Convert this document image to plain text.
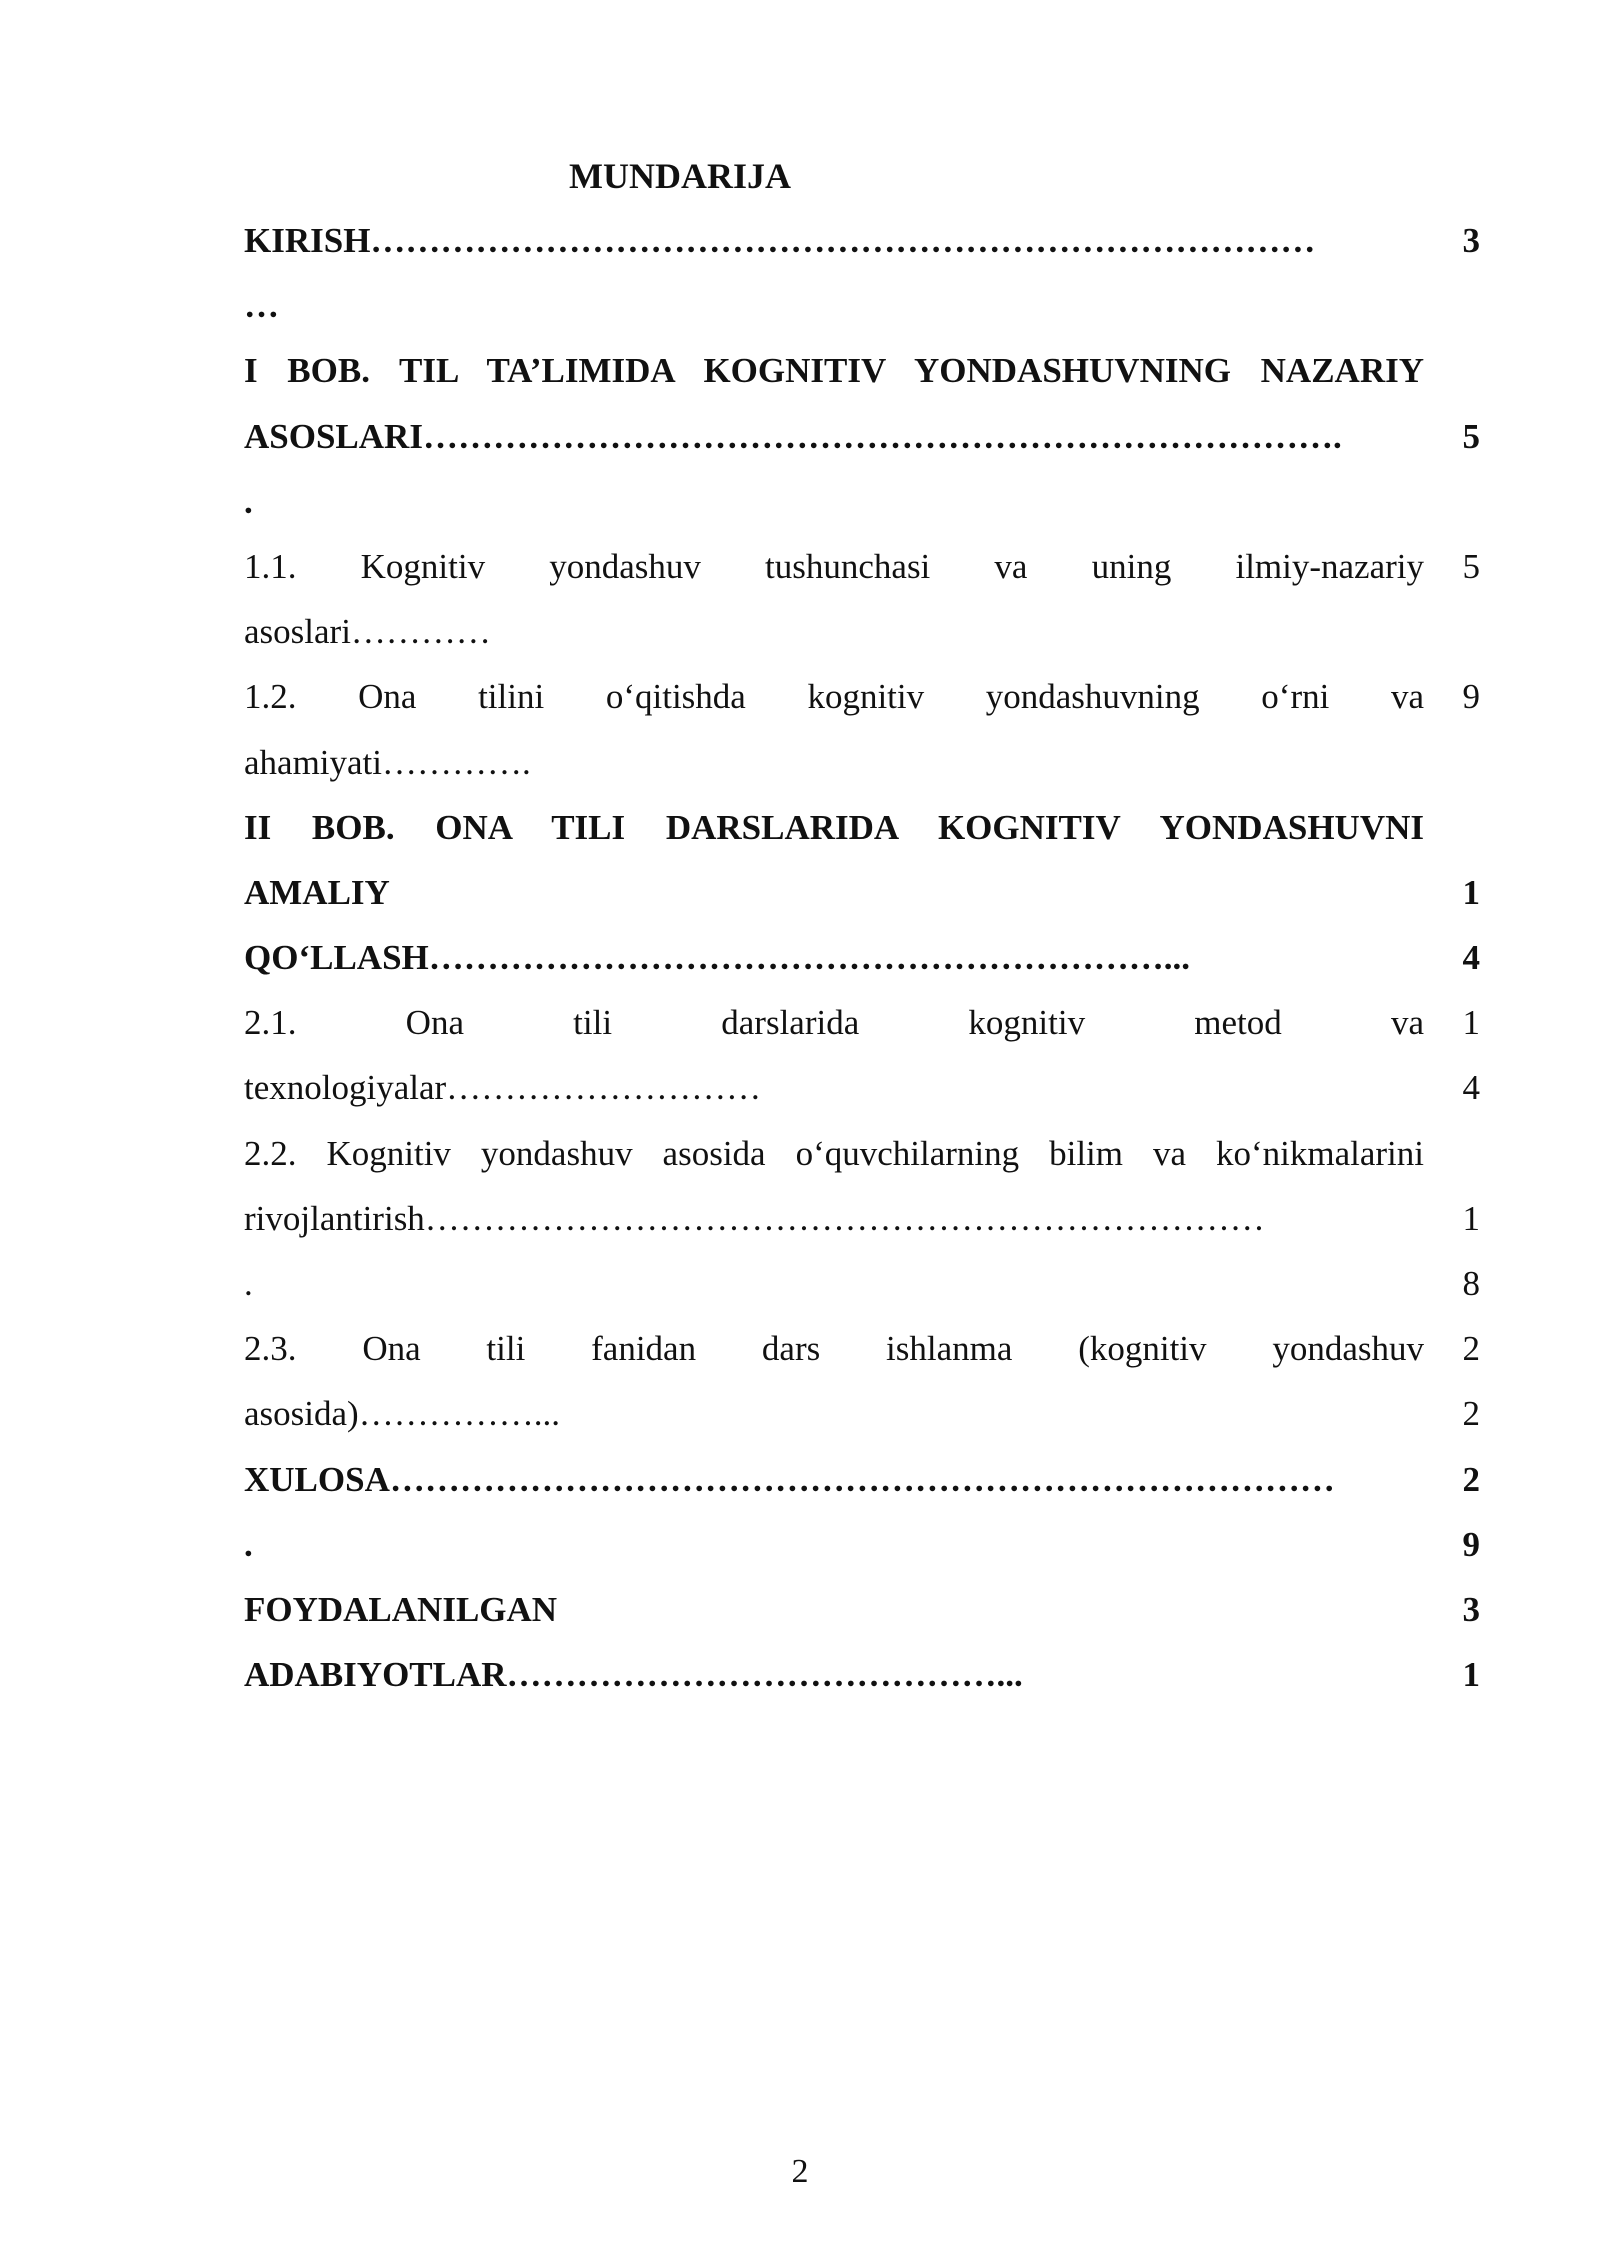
MUNDARIJA
KIRISH………………………………………………………………………
…
3
I BOB. TIL TA’LIMIDA KOGNITIV YONDASHUVNING NAZARIY
ASOSLARI…………………………………………………………………….
.
5
1.1. Kognitiv yondashuv tushunchasi va uning ilmiy-nazariy
asoslari…………
5
1.2. Ona tilini o‘qitishda kognitiv yondashuvning o‘rni va
ahamiyati………….
9
II BOB. ONA TILI DARSLARIDA KOGNITIV YONDASHUVNI
AMALIY
QO‘LLASH………………………………………………………...
1
4
2.1. Ona tili darslarida kognitiv metod va
texnologiyalar………………………
1
4
2.2. Kognitiv yondashuv asosida o‘quvchilarning bilim va ko‘nikmalarini
rivojlantirish………………………………………………………………
.
1
8
2.3. Ona tili fanidan dars ishlanma (kognitiv yondashuv
asosida)……………...
2
2
XULOSA………………………………………………………………………
.
2
9
FOYDALANILGAN
ADABIYOTLAR……………………………………...
3
1
2
